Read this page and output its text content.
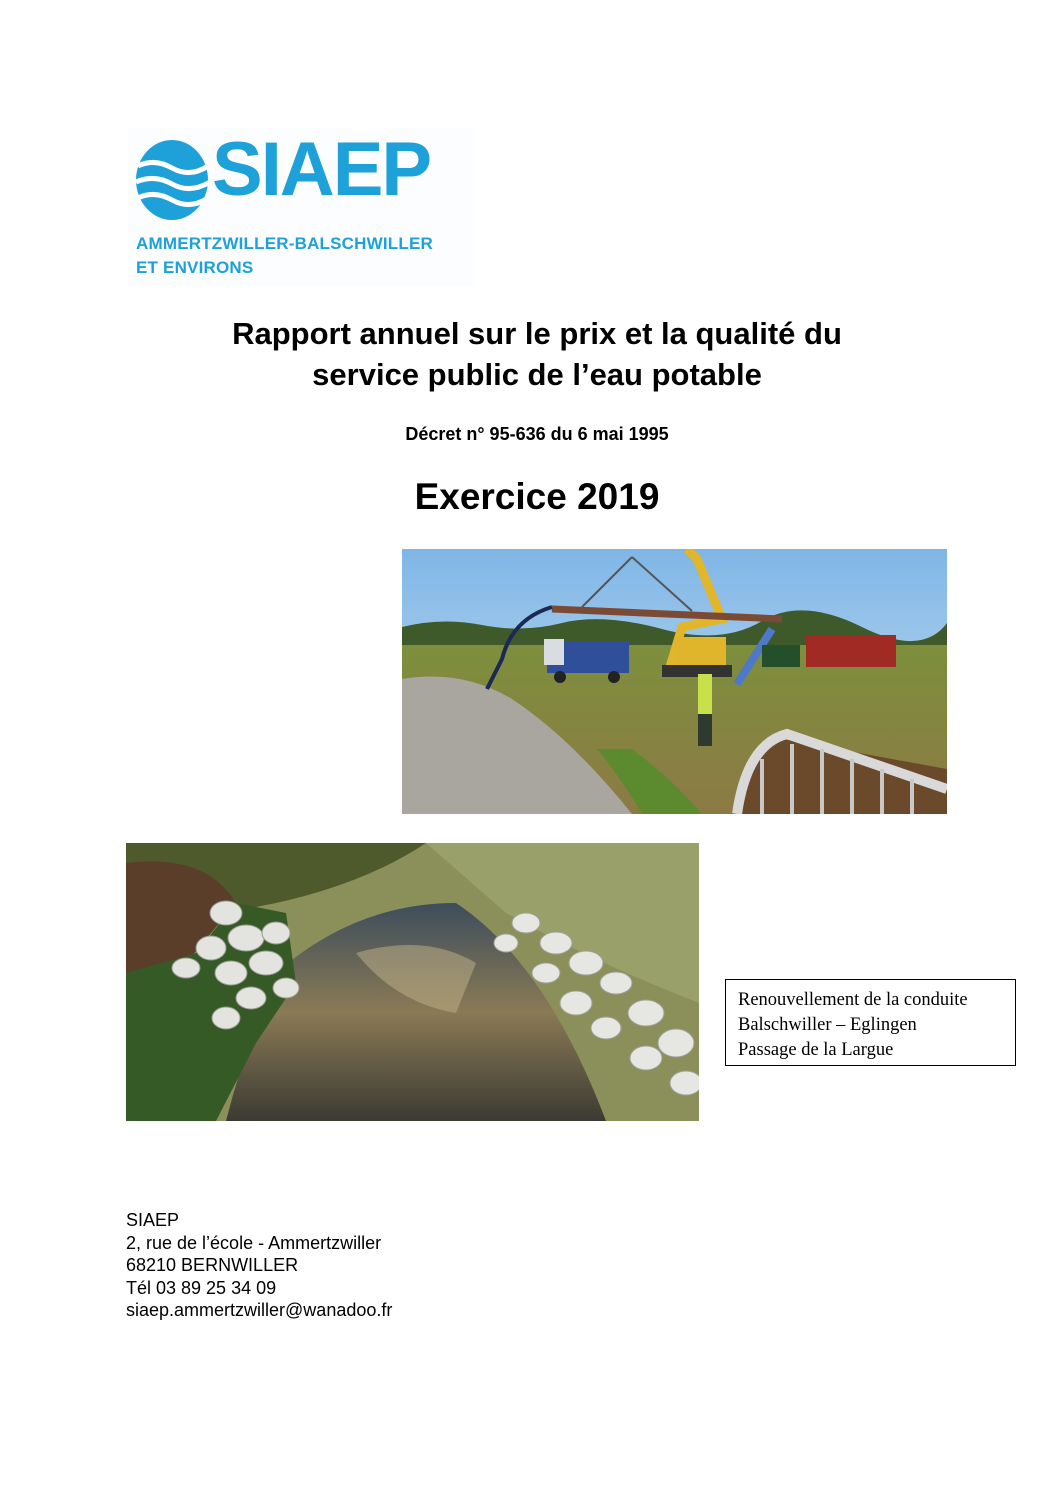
SIAEP
AMMERTZWILLER-BALSCHWILLER
ET ENVIRONS
Rapport annuel sur le prix et la qualité du
service public de l’eau potable
Décret n° 95-636 du 6 mai 1995
Exercice 2019
Renouvellement de la conduite
Balschwiller – Eglingen
Passage de la Largue
SIAEP
2, rue de l’école - Ammertzwiller
68210 BERNWILLER
Tél 03 89 25 34 09
siaep.ammertzwiller@wanadoo.fr
